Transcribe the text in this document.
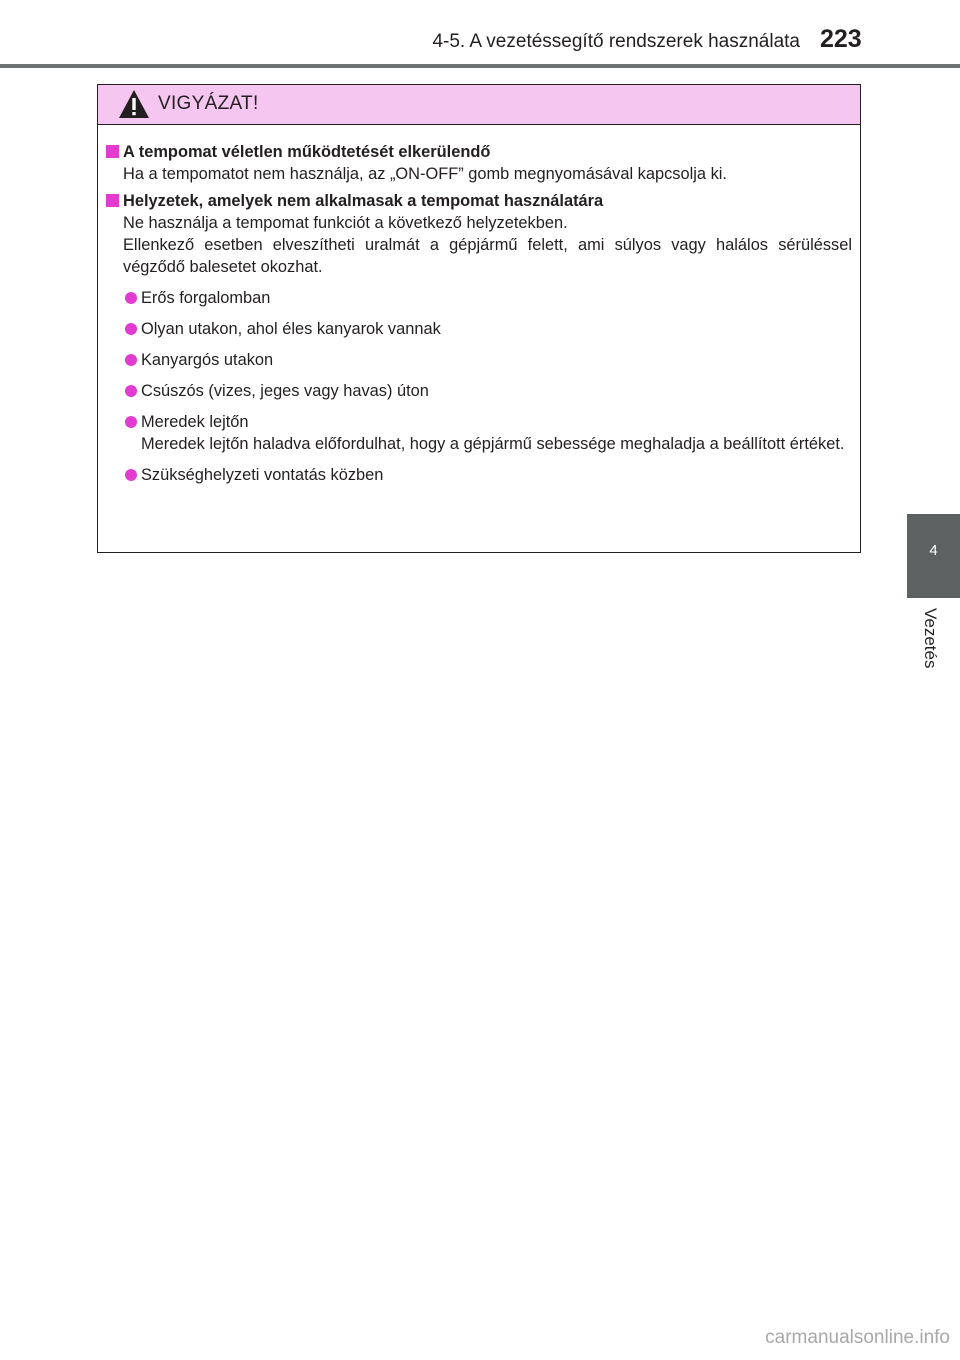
4-5. A vezetéssegítő rendszerek használata 223
4
Vezetés
VIGYÁZAT!
A tempomat véletlen működtetését elkerülendő

Ha a tempomatot nem használja, az „ON-OFF” gomb megnyomásával kapcsolja ki.

Helyzetek, amelyek nem alkalmasak a tempomat használatára

Ne használja a tempomat funkciót a következő helyzetekben.

Ellenkező esetben elveszítheti uralmát a gépjármű felett, ami súlyos vagy halálos sérüléssel végződő balesetet okozhat.

Erős forgalomban

Olyan utakon, ahol éles kanyarok vannak

Kanyargós utakon

Csúszós (vizes, jeges vagy havas) úton

Meredek lejtőn

Meredek lejtőn haladva előfordulhat, hogy a gépjármű sebessége meghaladja a beállított értéket.

Szükséghelyzeti vontatás közben

carmanualsonline.info
